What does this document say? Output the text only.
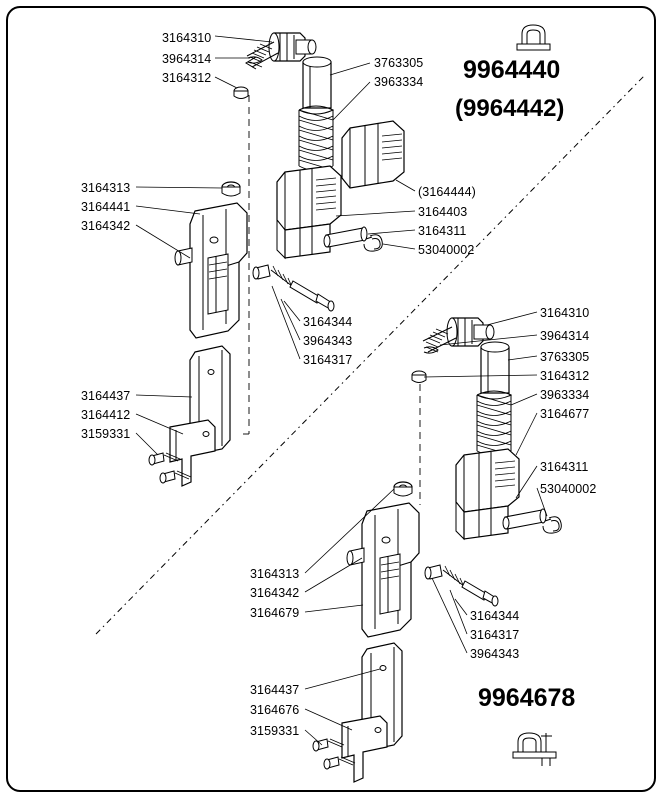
9964440
(9964442)
9964678
3164310
3964314
3164312
3164313
3164441
3164342
3164437
3164412
3159331
3763305
3963334
(3164444)
3164403
3164311
53040002
3164344
3964343
3164317
3164310
3964314
3763305
3164312
3963334
3164677
3164311
53040002
3164313
3164342
3164679
3164437
3164676
3159331
3164344
3164317
3964343
